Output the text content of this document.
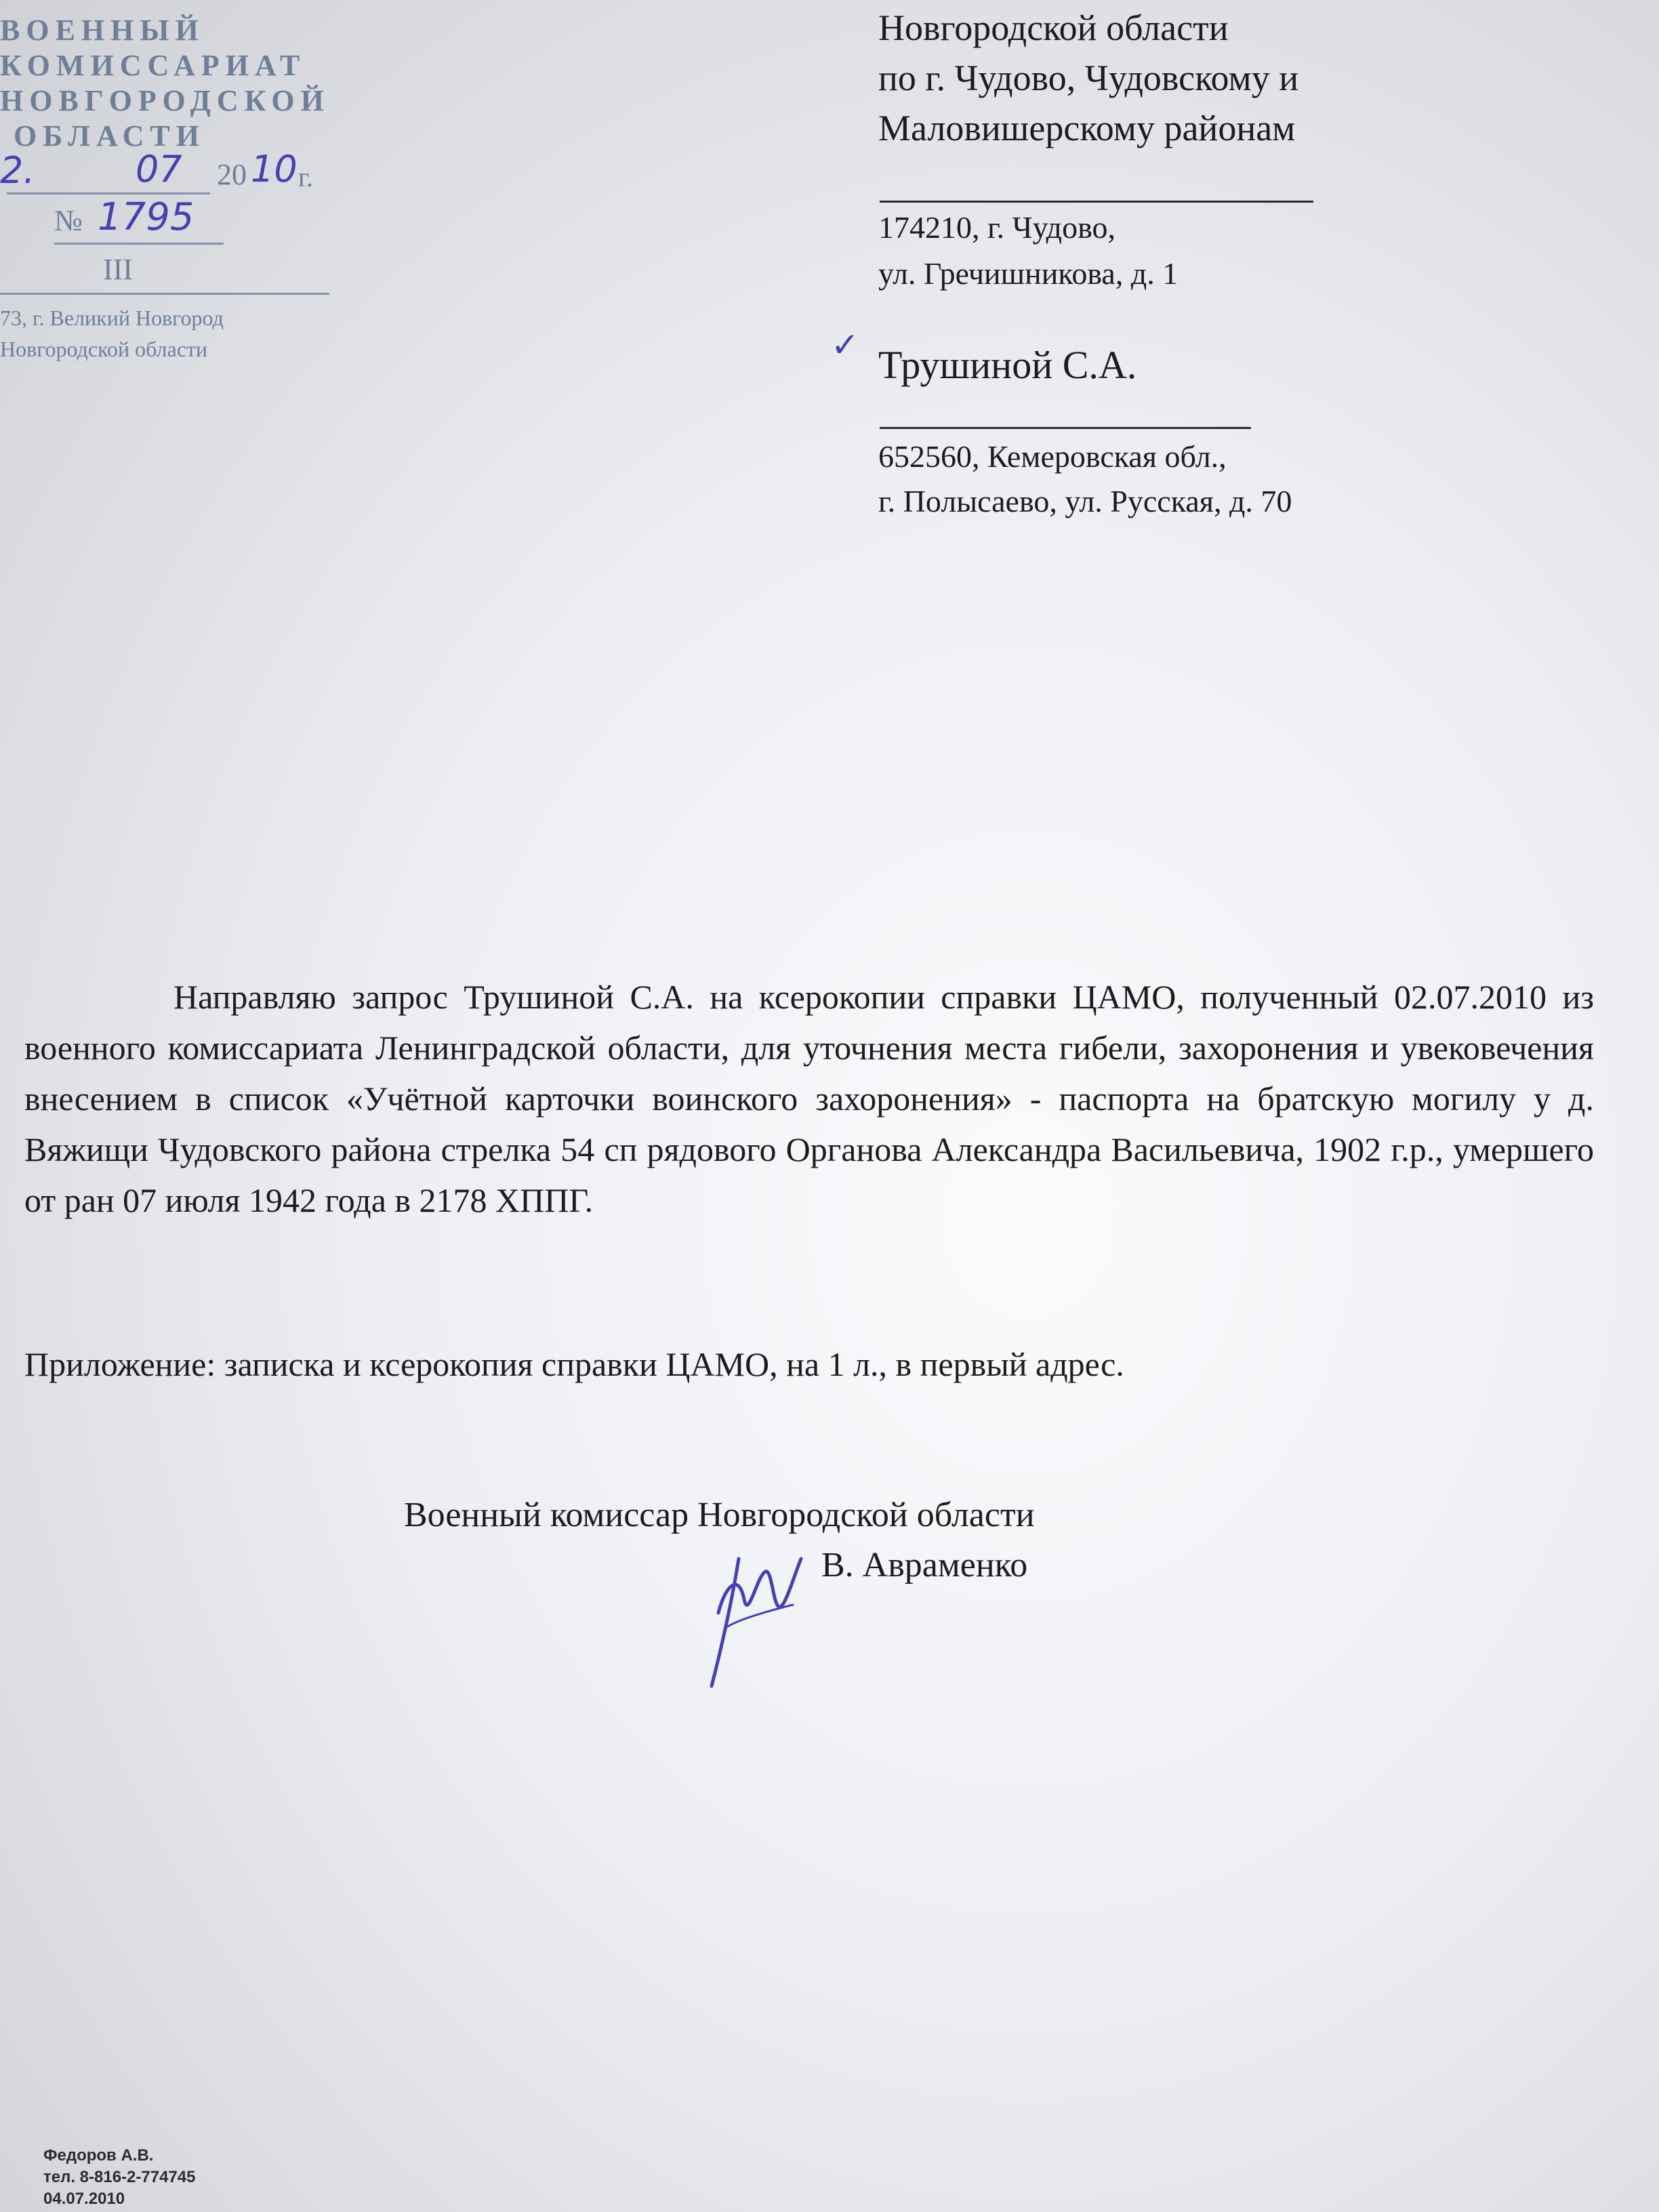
ВОЕННЫЙ
КОМИССАРИАТ
НОВГОРОДСКОЙ
ОБЛАСТИ
2.	07 20 10 г.
№ 1795
III
73, г. Великий Новгород
Новгородской области
Новгородской области
по г. Чудово, Чудовскому и
Маловишерскому районам
174210, г. Чудово,
ул. Гречишникова, д. 1
✓ Трушиной С.А.
652560, Кемеровская обл.,
г. Полысаево, ул. Русская, д. 70
Направляю запрос Трушиной С.А. на ксерокопии справки ЦАМО, полученный 02.07.2010 из военного комиссариата Ленинградской области, для уточнения места гибели, захоронения и увековечения внесением в список «Учётной карточки воинского захоронения» - паспорта на братскую могилу у д. Вяжищи Чудовского района стрелка 54 сп рядового Органова Александра Васильевича, 1902 г.р., умершего от ран 07 июля 1942 года в 2178 ХППГ.
Приложение: записка и ксерокопия справки ЦАМО, на 1 л., в первый адрес.
Военный комиссар Новгородской области
В. Авраменко
Федоров А.В.
тел. 8-816-2-774745
04.07.2010
